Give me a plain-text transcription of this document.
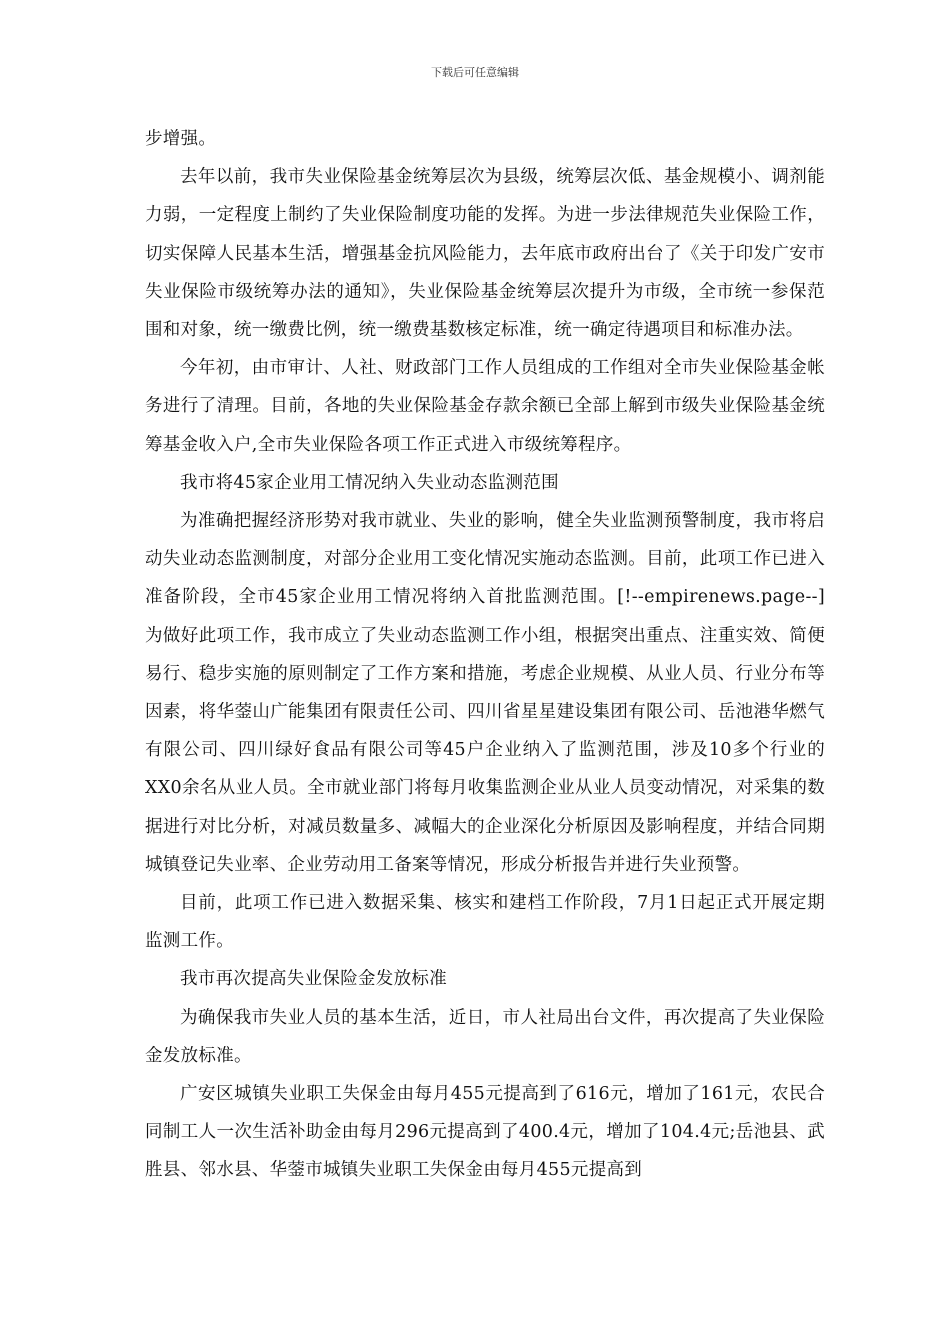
下载后可任意编辑

步增强。

去年以前，我市失业保险基金统筹层次为县级，统筹层次低、基金规模小、调剂能力弱，一定程度上制约了失业保险制度功能的发挥。为进一步法律规范失业保险工作，切实保障人民基本生活，增强基金抗风险能力，去年底市政府出台了《关于印发广安市失业保险市级统筹办法的通知》，失业保险基金统筹层次提升为市级，全市统一参保范围和对象，统一缴费比例，统一缴费基数核定标准，统一确定待遇项目和标准办法。

今年初，由市审计、人社、财政部门工作人员组成的工作组对全市失业保险基金帐务进行了清理。目前，各地的失业保险基金存款余额已全部上解到市级失业保险基金统筹基金收入户,全市失业保险各项工作正式进入市级统筹程序。

我市将45家企业用工情况纳入失业动态监测范围

为准确把握经济形势对我市就业、失业的影响，健全失业监测预警制度，我市将启动失业动态监测制度，对部分企业用工变化情况实施动态监测。目前，此项工作已进入准备阶段，全市45家企业用工情况将纳入首批监测范围。[!--empirenews.page--]　　为做好此项工作，我市成立了失业动态监测工作小组，根据突出重点、注重实效、简便易行、稳步实施的原则制定了工作方案和措施，考虑企业规模、从业人员、行业分布等因素，将华蓥山广能集团有限责任公司、四川省星星建设集团有限公司、岳池港华燃气有限公司、四川绿好食品有限公司等45户企业纳入了监测范围，涉及10多个行业的XX0余名从业人员。全市就业部门将每月收集监测企业从业人员变动情况，对采集的数据进行对比分析，对减员数量多、减幅大的企业深化分析原因及影响程度，并结合同期城镇登记失业率、企业劳动用工备案等情况，形成分析报告并进行失业预警。

目前，此项工作已进入数据采集、核实和建档工作阶段，7月1日起正式开展定期监测工作。

我市再次提高失业保险金发放标准

为确保我市失业人员的基本生活，近日，市人社局出台文件，再次提高了失业保险金发放标准。

广安区城镇失业职工失保金由每月455元提高到了616元，增加了161元，农民合同制工人一次生活补助金由每月296元提高到了400.4元，增加了104.4元;岳池县、武胜县、邻水县、华蓥市城镇失业职工失保金由每月455元提高到
